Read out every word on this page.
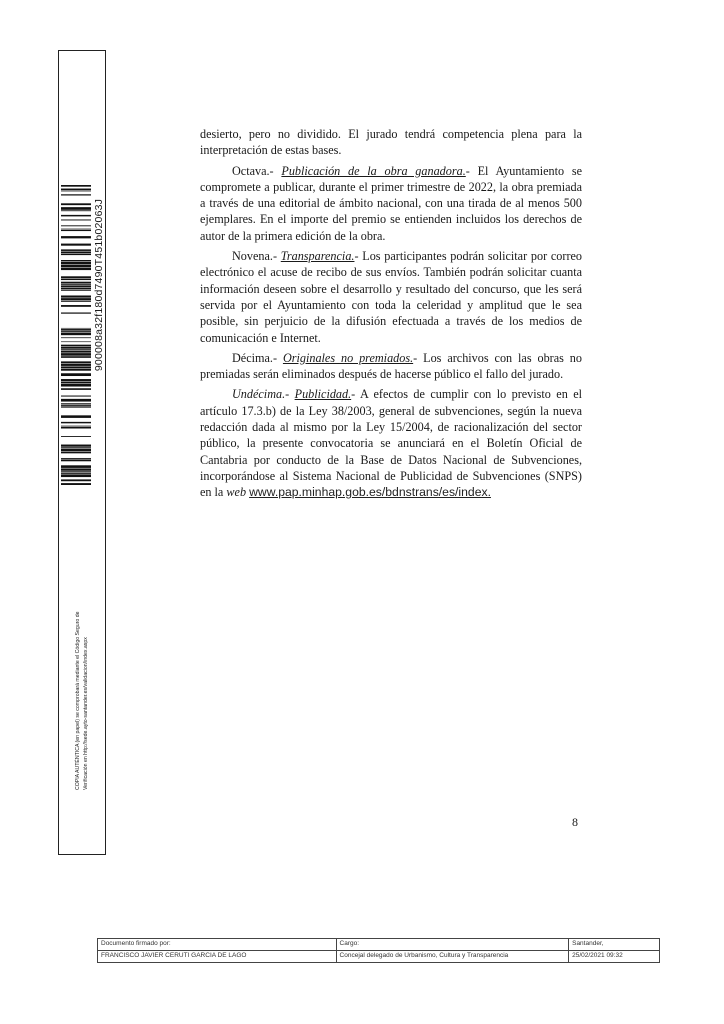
900008a32f180d7490T451b02063J
COPIA AUTÉNTICA (en papel) se comprobará mediante el Código Seguro de Verificación en http://sede.ayto-santander.es/validacion/index.aspx

desierto, pero no dividido. El jurado tendrá competencia plena para la interpretación de estas bases.

Octava.- Publicación de la obra ganadora.- El Ayuntamiento se compromete a publicar, durante el primer trimestre de 2022, la obra premiada a través de una editorial de ámbito nacional, con una tirada de al menos 500 ejemplares. En el importe del premio se entienden incluidos los derechos de autor de la primera edición de la obra.

Novena.- Transparencia.- Los participantes podrán solicitar por correo electrónico el acuse de recibo de sus envíos. También podrán solicitar cuanta información deseen sobre el desarrollo y resultado del concurso, que les será servida por el Ayuntamiento con toda la celeridad y amplitud que le sea posible, sin perjuicio de la difusión efectuada a través de los medios de comunicación e Internet.

Décima.- Originales no premiados.- Los archivos con las obras no premiadas serán eliminados después de hacerse público el fallo del jurado.

Undécima.- Publicidad.- A efectos de cumplir con lo previsto en el artículo 17.3.b) de la Ley 38/2003, general de subvenciones, según la nueva redacción dada al mismo por la Ley 15/2004, de racionalización del sector público, la presente convocatoria se anunciará en el Boletín Oficial de Cantabria por conducto de la Base de Datos Nacional de Subvenciones, incorporándose al Sistema Nacional de Publicidad de Subvenciones (SNPS) en la web www.pap.minhap.gob.es/bdnstrans/es/index.

8
Documento firmado por:	Cargo:	Santander,
FRANCISCO JAVIER CERUTI GARCIA DE LAGO	Concejal delegado de Urbanismo, Cultura y Transparencia	25/02/2021 09:32
